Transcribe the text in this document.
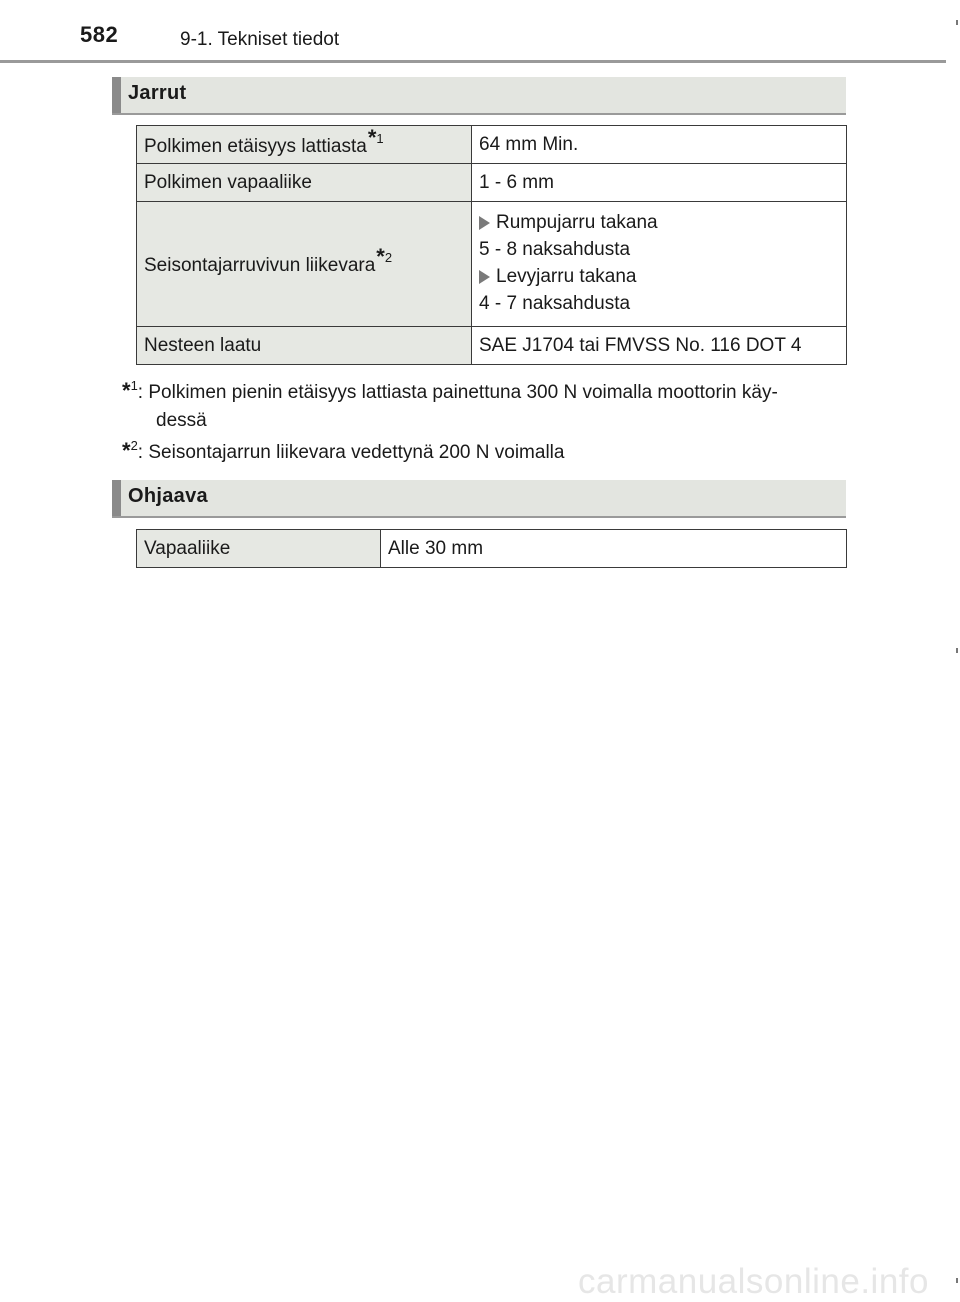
582	9-1. Tekniset tiedot
Jarrut
Polkimen etäisyys lattiasta*$^1$	64 mm Min.
Polkimen vapaaliike	1 - 6 mm
Seisontajarruvivun liikevara*$^2$	Rumpujarru takana
5 - 8 naksahdusta
Levyjarru takana
4 - 7 naksahdusta

Nesteen laatu	SAE J1704 tai FMVSS No. 116 DOT 4
*$^1$: Polkimen pienin etäisyys lattiasta painettuna 300 N voimalla moottorin käy-
dessä
*$^2$: Seisontajarrun liikevara vedettynä 200 N voimalla
Ohjaava
Vapaaliike	Alle 30 mm
carmanualsonline.info
